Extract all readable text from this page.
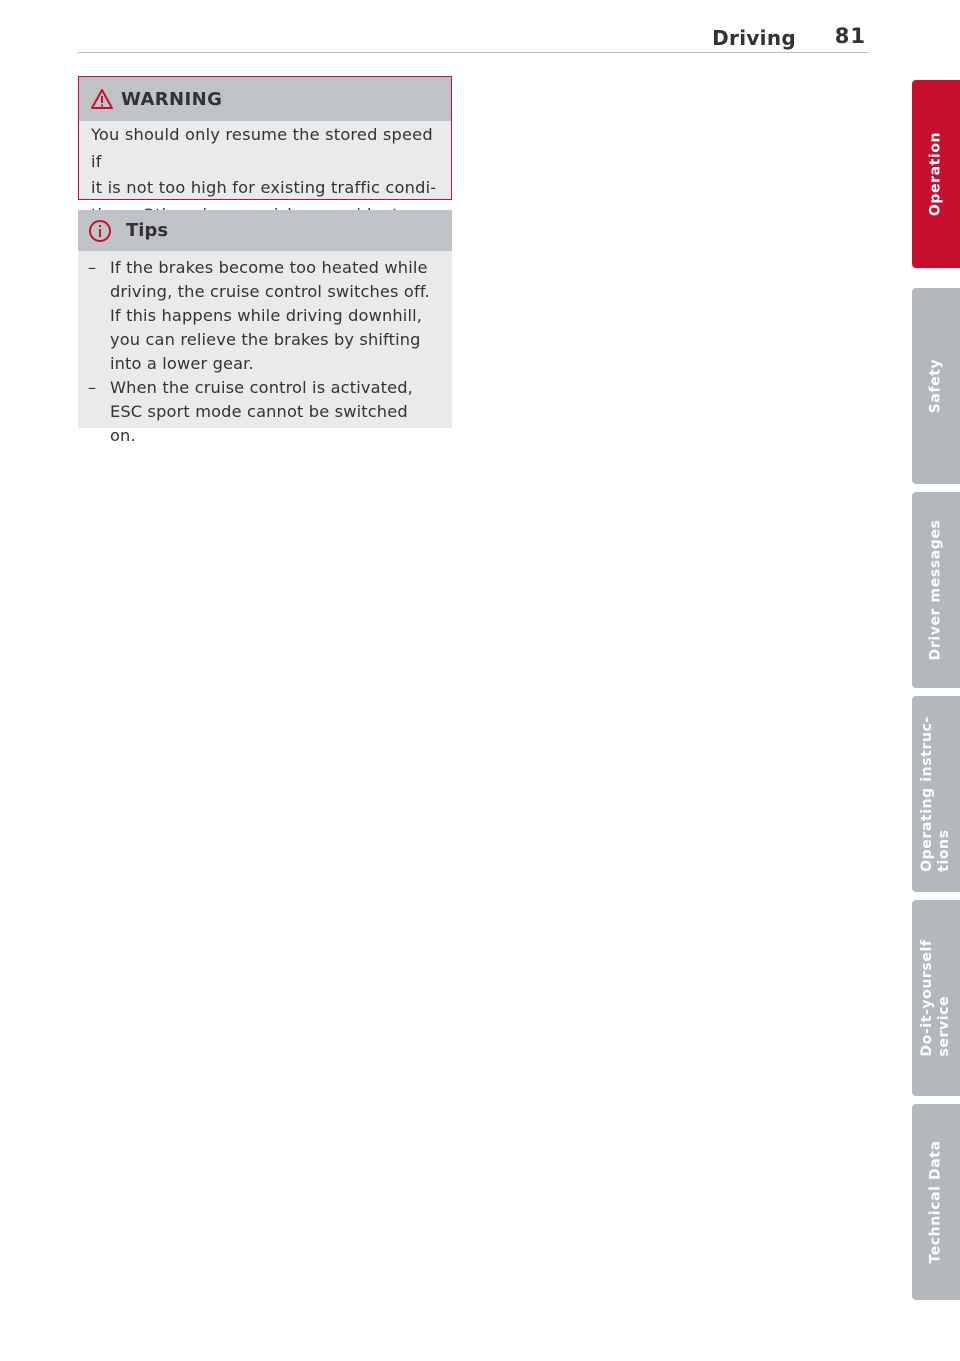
Driving 81
WARNING
You should only resume the stored speed if
it is not too high for existing traffic condi-
Tips
– If the brakes become too heated while driving, the cruise control switches off. If this happens while driving downhill, you can relieve the brakes by shifting into a lower gear.
– When the cruise control is activated, ESC sport mode cannot be switched on.
Operation
Safety
Driver messages
Operating instruc-
tions
Do-it-yourself
service
Technical Data
